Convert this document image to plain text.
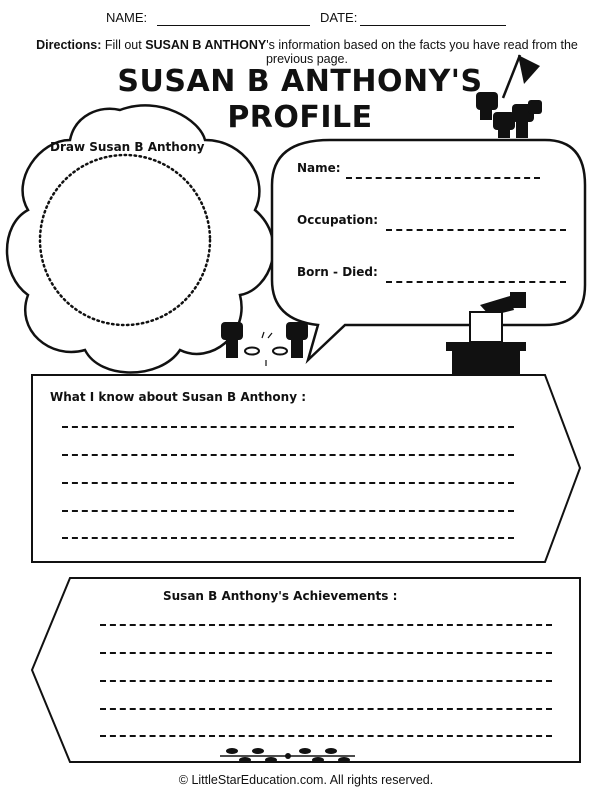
NAME:	DATE:
Directions: Fill out SUSAN B ANTHONY's information based on the facts you have read from the previous page.
SUSAN B ANTHONY'S
PROFILE
Draw Susan B Anthony
Name:
Occupation:
Born - Died:
What I know about Susan B Anthony :
Susan B Anthony's Achievements :
© LittleStarEducation.com. All rights reserved.
